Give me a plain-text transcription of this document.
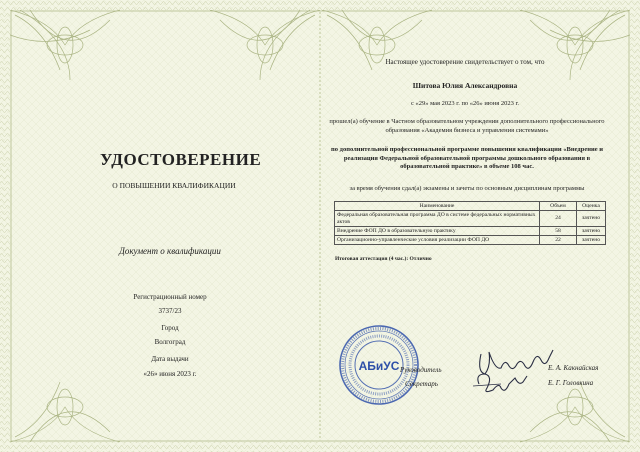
УДОСТОВЕРЕНИЕ
О ПОВЫШЕНИИ КВАЛИФИКАЦИИ
Документ о квалификации
Регистрационный номер
3737/23
Город
Волгоград
Дата выдачи
«26» июня 2023 г.
Настоящее удостоверение свидетельствует о том, что
Шитова Юлия Александровна
с «29» мая 2023 г. по «26» июня 2023 г.
прошел(а) обучение в Частном образовательном учреждении дополнительного профессионального образования «Академия бизнеса и управления системами»
по дополнительной профессиональной программе повышения квалификации «Внедрение и реализация Федеральной образовательной программы дошкольного образования в образовательной практике» в объеме 108 час.
за время обучения сдал(а) экзамены и зачеты по основным дисциплинам программы
Наименование	Объем	Оценка
Федеральная образовательная программа ДО в системе федеральных нормативных актов	24	зачтено
Внедрение ФОП ДО в образовательную практику	58	зачтено
Организационно-управленческие условия реализации ФОП ДО	22	зачтено
Итоговая аттестация (4 час.): Отлично
АБиУС Руководитель
Секретарь
Е. А. Какнайская
Е. Г. Головкина
